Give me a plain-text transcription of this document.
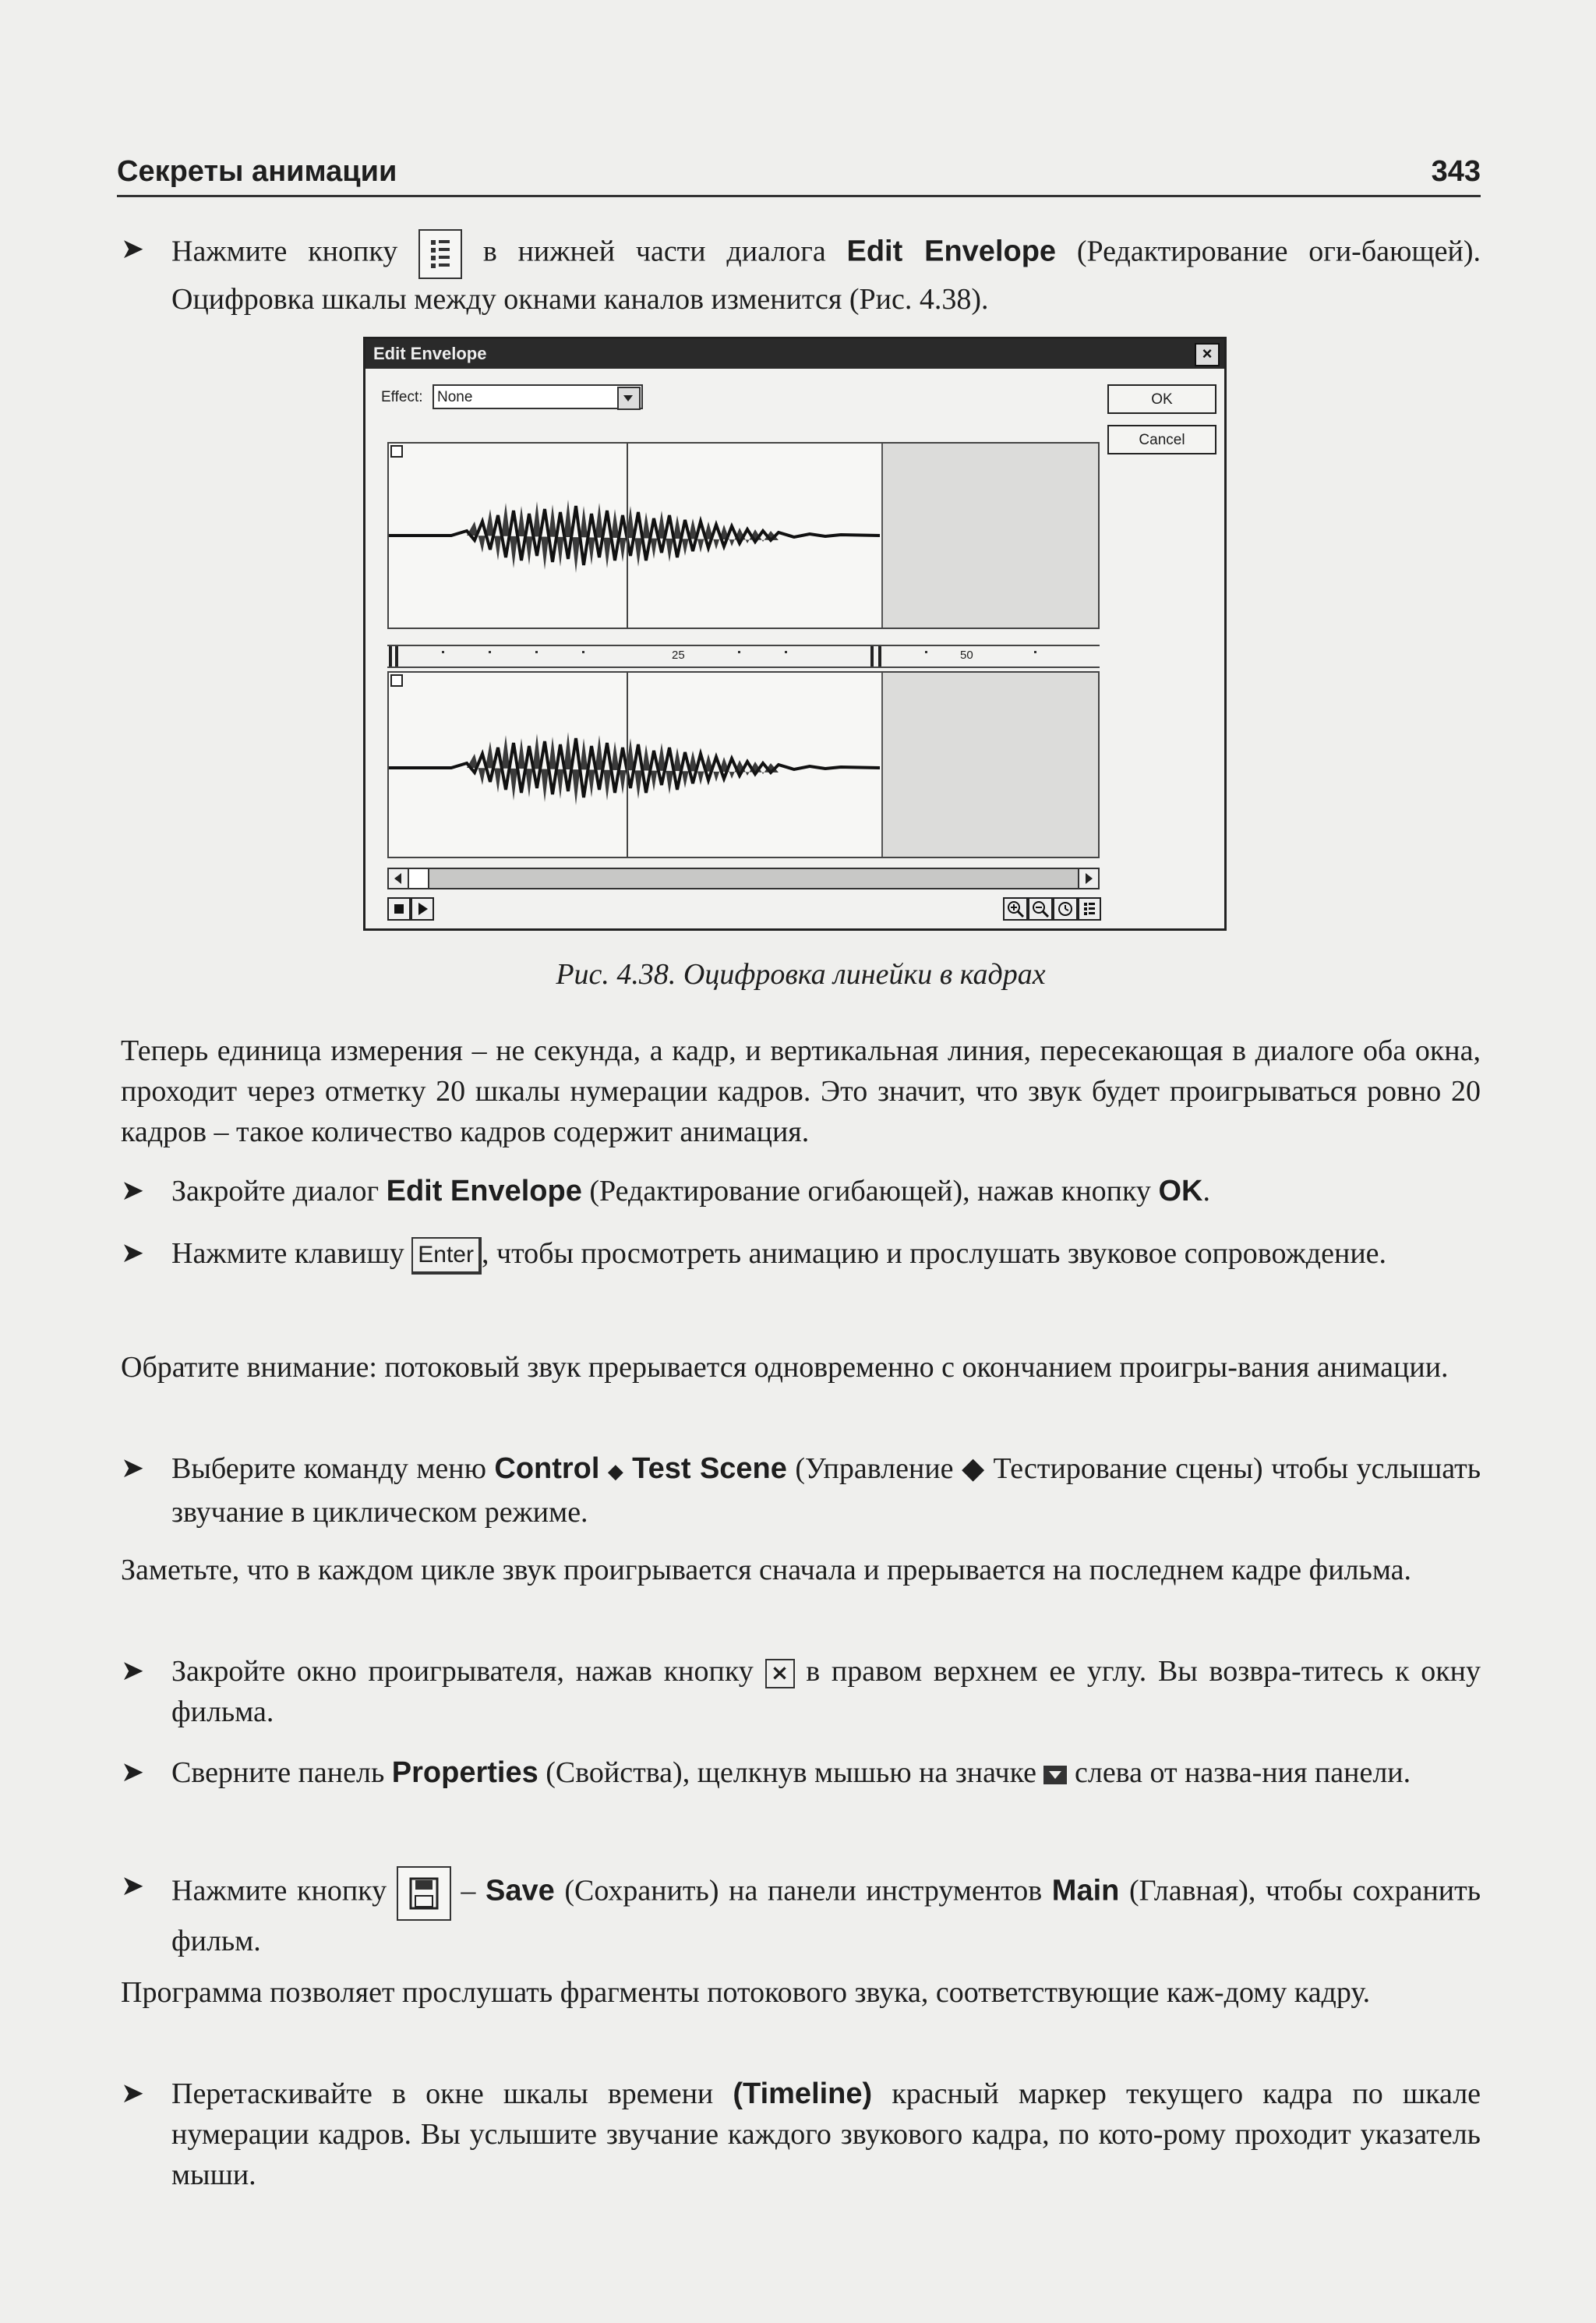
Секреты анимации	343
➤ Нажмите кнопку	в нижней части диалога Edit Envelope (Редактирование оги-бающей). Оцифровка шкалы между окнами каналов изменится (Рис. 4.38).
Edit Envelope	×
Effect: None	OK
Cancel
25	50
Рис. 4.38. Оцифровка линейки в кадрах
Теперь единица измерения – не секунда, а кадр, и вертикальная линия, пересекающая в диалоге оба окна, проходит через отметку 20 шкалы нумерации кадров. Это значит, что звук будет проигрываться ровно 20 кадров – такое количество кадров содержит анимация.
➤ Закройте диалог Edit Envelope (Редактирование огибающей), нажав кнопку OK.
➤ Нажмите клавишу Enter , чтобы просмотреть анимацию и прослушать звуковое сопровождение.
Обратите внимание: потоковый звук прерывается одновременно с окончанием проигры-вания анимации.
➤ Выберите команду меню Control ◆ Test Scene (Управление ◆ Тестирование сцены) чтобы услышать звучание в циклическом режиме.
Заметьте, что в каждом цикле звук проигрывается сначала и прерывается на последнем кадре фильма.
➤ Закройте окно проигрывателя, нажав кнопку × в правом верхнем ее углу. Вы возвра-титесь к окну фильма.
➤ Сверните панель Properties (Свойства), щелкнув мышью на значке слева от назва-ния панели.
➤ Нажмите кнопку	– Save (Сохранить) на панели инструментов Main (Главная), чтобы сохранить фильм.
Программа позволяет прослушать фрагменты потокового звука, соответствующие каж-дому кадру.
➤ Перетаскивайте в окне шкалы времени (Timeline) красный маркер текущего кадра по шкале нумерации кадров. Вы услышите звучание каждого звукового кадра, по кото-рому проходит указатель мыши.
